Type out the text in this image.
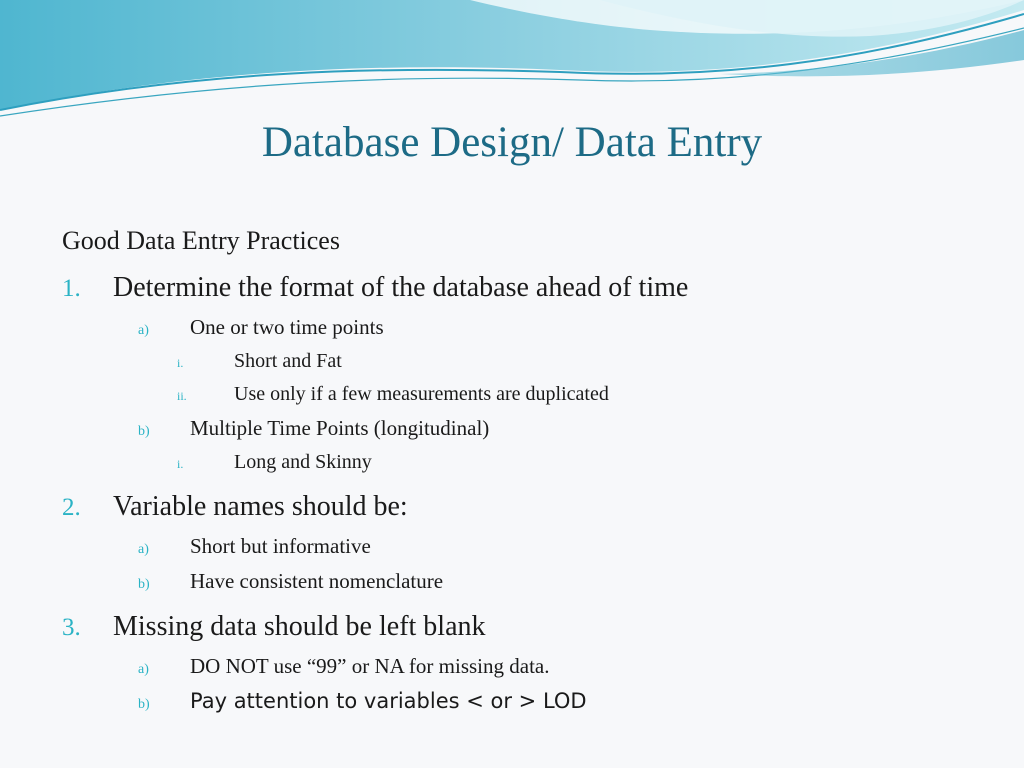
Database Design/ Data Entry
Good Data Entry Practices
1.	Determine the format of the database ahead of time
a)	One or two time points
i.	Short and Fat
ii.	Use only if a few measurements are duplicated
b)	Multiple Time Points (longitudinal)
i.	Long and Skinny
2.	Variable names should be:
a)	Short but informative
b)	Have consistent nomenclature
3.	Missing data should be left blank
a)	DO NOT use “99” or NA for missing data.
b)	Pay attention to variables < or > LOD
